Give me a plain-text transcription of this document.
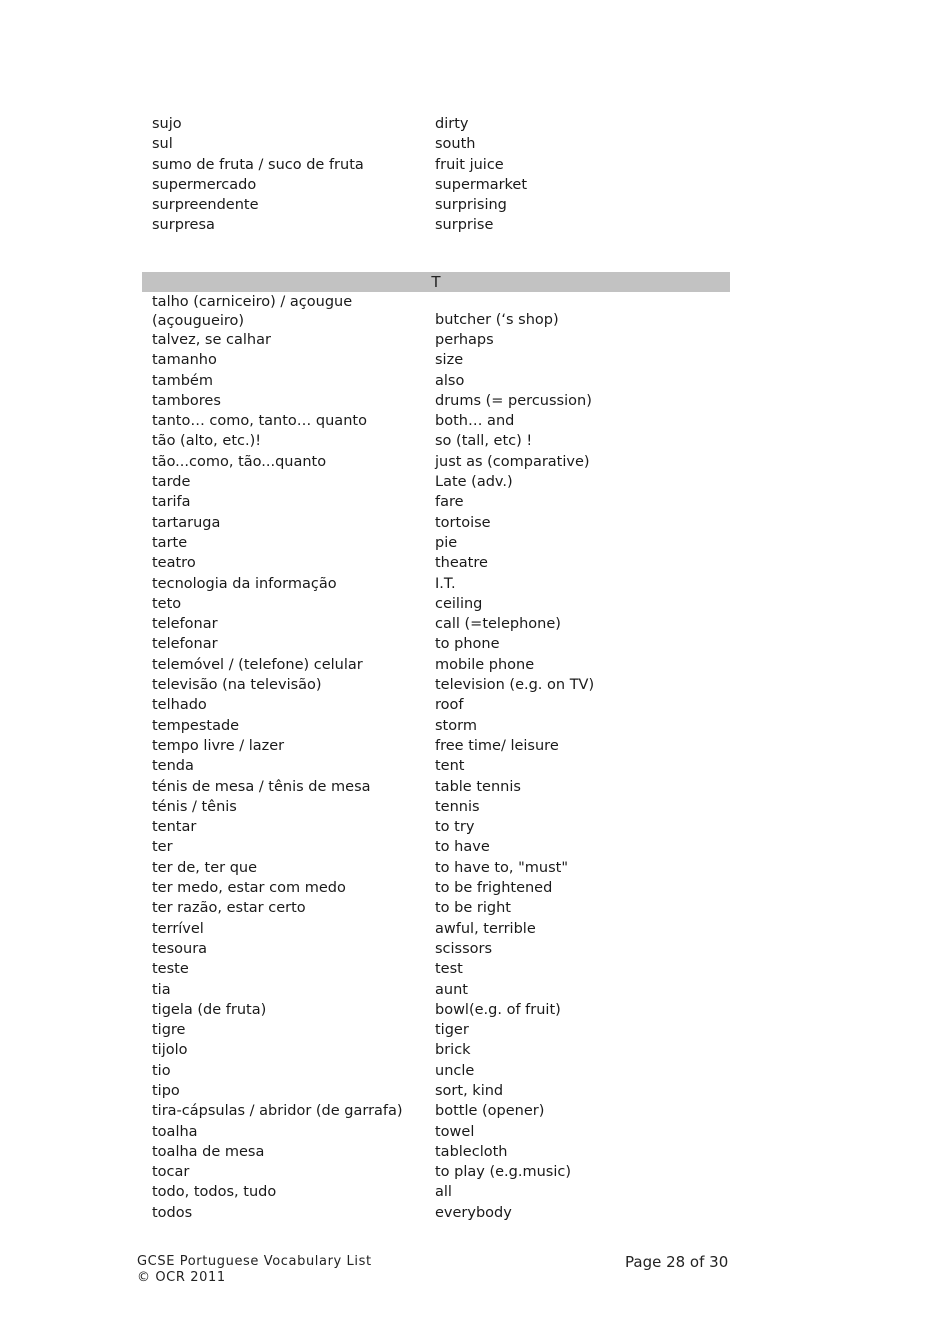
sujo	dirty
sul	south
sumo de fruta / suco de fruta	fruit juice
supermercado	supermarket
surpreendente	surprising
surpresa	surprise
T
talho (carniceiro) / açougue (açougueiro)	butcher (‘s shop)
talvez, se calhar	perhaps
tamanho	size
também	also
tambores	drums (= percussion)
tanto… como, tanto… quanto	both… and
tão (alto, etc.)!	so (tall, etc) !
tão...como, tão...quanto	just as (comparative)
tarde	Late (adv.)
tarifa	fare
tartaruga	tortoise
tarte	pie
teatro	theatre
tecnologia da informação	I.T.
teto	ceiling
telefonar	call (=telephone)
telefonar	to phone
telemóvel / (telefone) celular	mobile phone
televisão (na televisão)	television (e.g. on TV)
telhado	roof
tempestade	storm
tempo livre / lazer	free time/ leisure
tenda	tent
ténis de mesa / tênis de mesa	table tennis
ténis / tênis	tennis
tentar	to try
ter	to have
ter de, ter que	to have to, "must"
ter medo, estar com medo	to be frightened
ter razão, estar certo	to be right
terrível	awful, terrible
tesoura	scissors
teste	test
tia	aunt
tigela (de fruta)	bowl(e.g. of fruit)
tigre	tiger
tijolo	brick
tio	uncle
tipo	sort, kind
tira-cápsulas / abridor (de garrafa)	bottle (opener)
toalha	towel
toalha de mesa	tablecloth
tocar	to play (e.g.music)
todo, todos, tudo	all
todos	everybody
GCSE Portuguese Vocabulary List
© OCR 2011
Page 28 of 30
